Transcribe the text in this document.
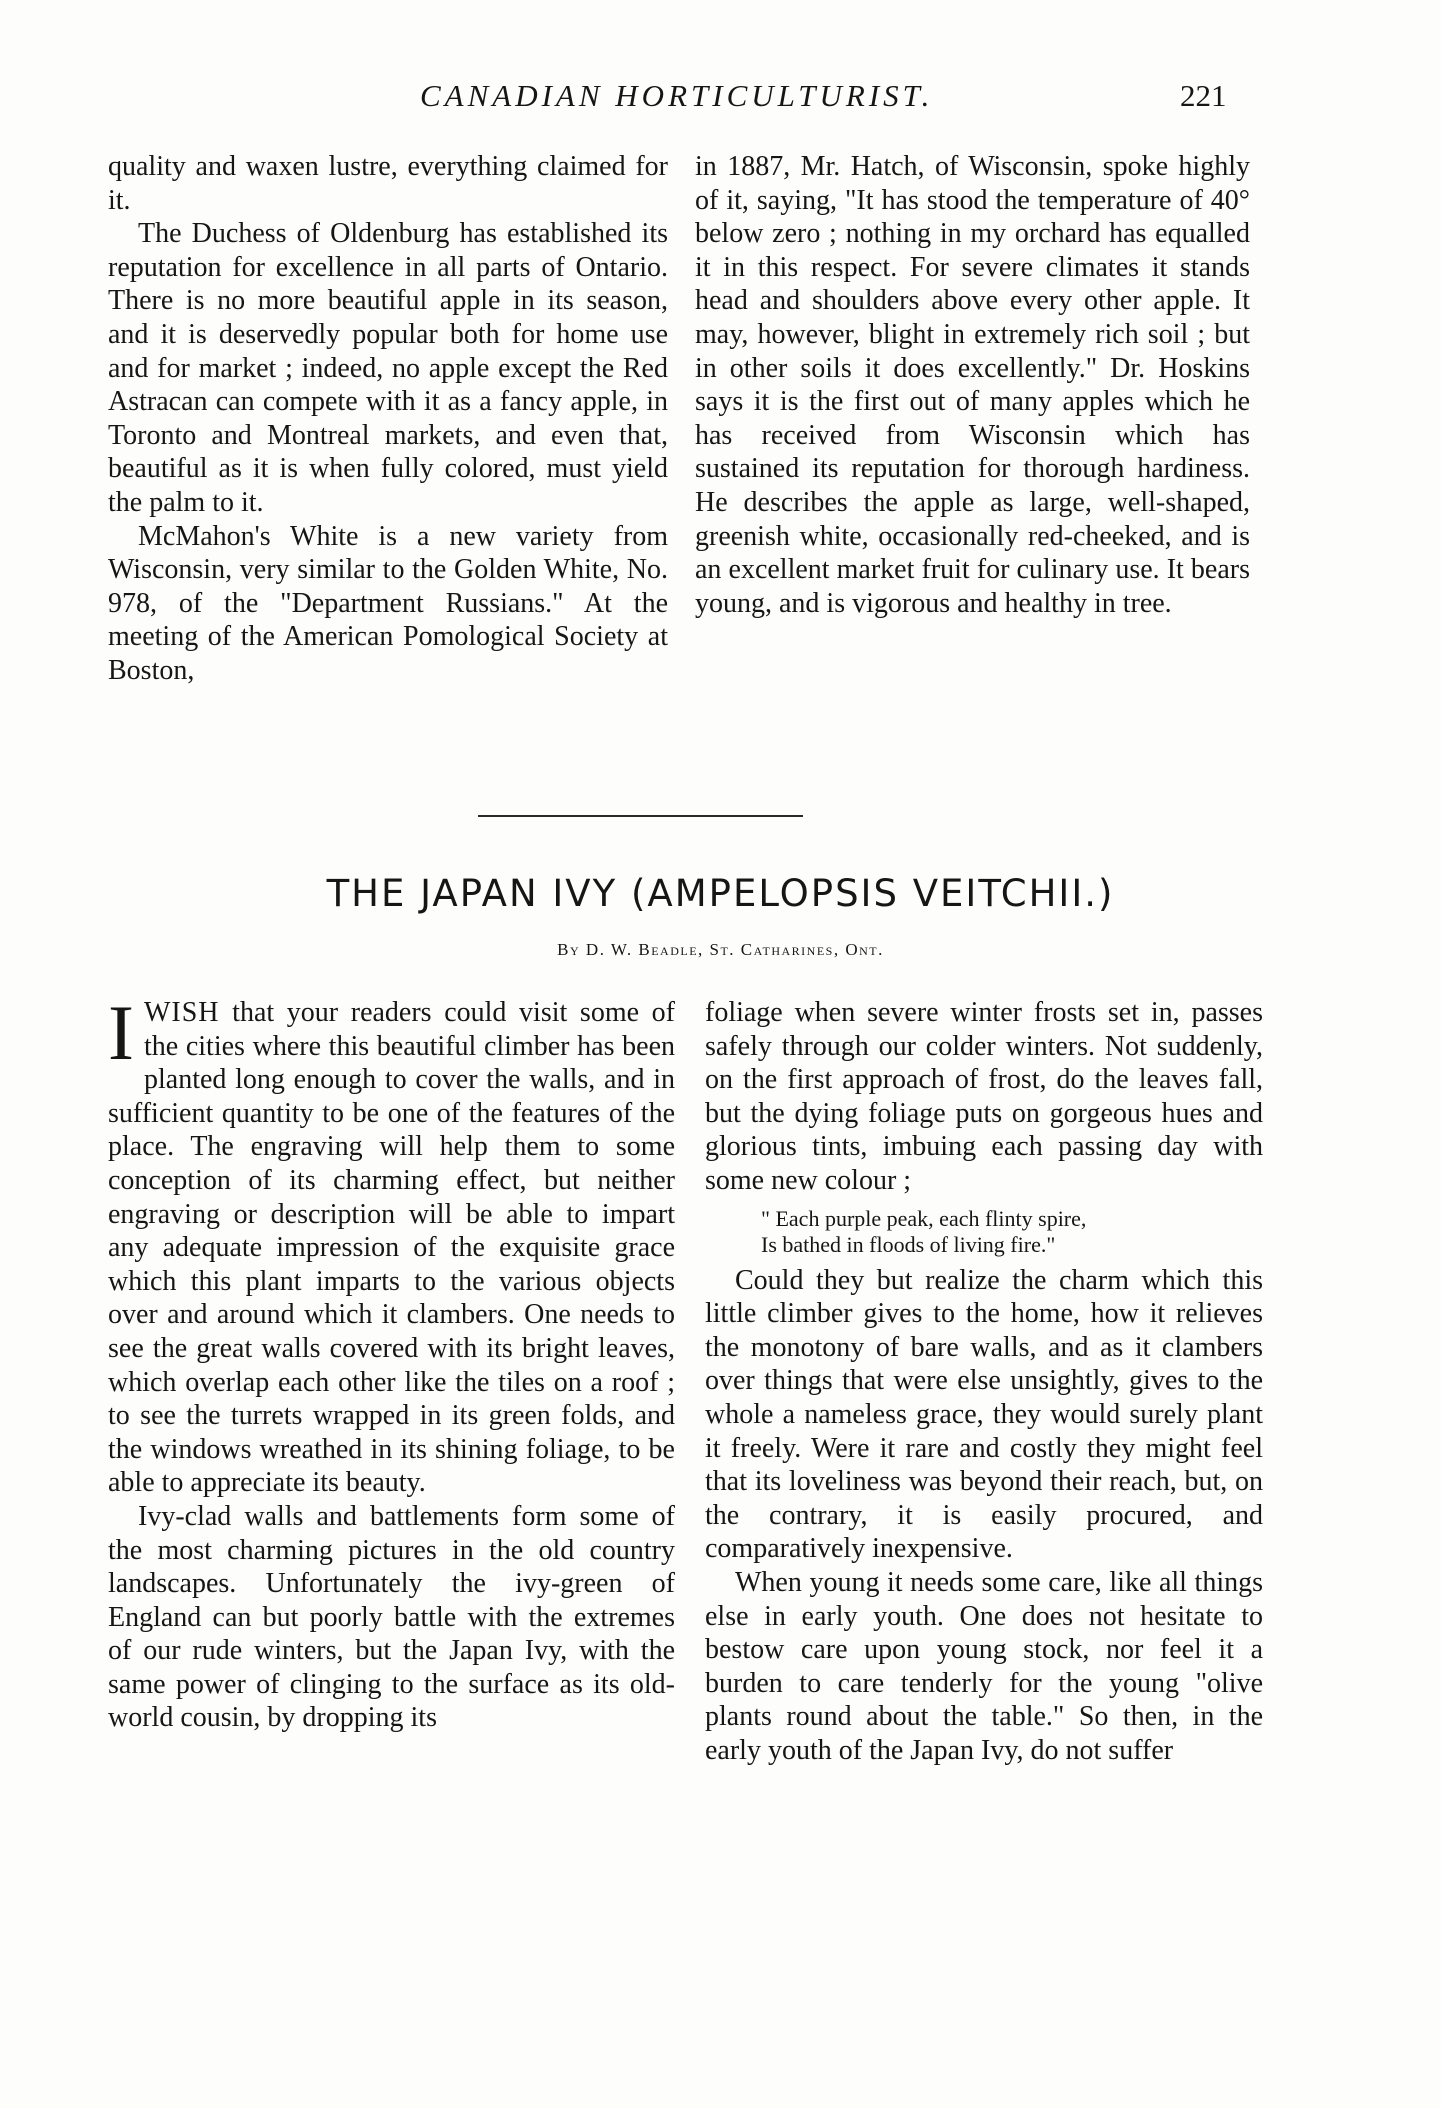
CANADIAN HORTICULTURIST.	221

quality and waxen lustre, everything claimed for it.

The Duchess of Oldenburg has established its reputation for excellence in all parts of Ontario. There is no more beautiful apple in its season, and it is deservedly popular both for home use and for market ; indeed, no apple except the Red Astracan can compete with it as a fancy apple, in Toronto and Montreal markets, and even that, beautiful as it is when fully colored, must yield the palm to it.

McMahon's White is a new variety from Wisconsin, very similar to the Golden White, No. 978, of the "Department Russians." At the meeting of the American Pomological Society at Boston,

in 1887, Mr. Hatch, of Wisconsin, spoke highly of it, saying, "It has stood the temperature of 40° below zero ; nothing in my orchard has equalled it in this respect. For severe climates it stands head and shoulders above every other apple. It may, however, blight in extremely rich soil ; but in other soils it does excellently." Dr. Hoskins says it is the first out of many apples which he has received from Wisconsin which has sustained its reputation for thorough hardiness. He describes the apple as large, well-shaped, greenish white, occasionally red-cheeked, and is an excellent market fruit for culinary use. It bears young, and is vigorous and healthy in tree.

THE JAPAN IVY (AMPELOPSIS VEITCHII.)
By D. W. Beadle, St. Catharines, Ont.

IWISH that your readers could visit some of the cities where this beautiful climber has been planted long enough to cover the walls, and in sufficient quantity to be one of the features of the place. The engraving will help them to some conception of its charming effect, but neither engraving or description will be able to impart any adequate impression of the exquisite grace which this plant imparts to the various objects over and around which it clambers. One needs to see the great walls covered with its bright leaves, which overlap each other like the tiles on a roof ; to see the turrets wrapped in its green folds, and the windows wreathed in its shining foliage, to be able to appreciate its beauty.

Ivy-clad walls and battlements form some of the most charming pictures in the old country landscapes. Unfortunately the ivy-green of England can but poorly battle with the extremes of our rude winters, but the Japan Ivy, with the same power of clinging to the surface as its old-world cousin, by dropping its

foliage when severe winter frosts set in, passes safely through our colder winters. Not suddenly, on the first approach of frost, do the leaves fall, but the dying foliage puts on gorgeous hues and glorious tints, imbuing each passing day with some new colour ;

" Each purple peak, each flinty spire,
Is bathed in floods of living fire."

Could they but realize the charm which this little climber gives to the home, how it relieves the monotony of bare walls, and as it clambers over things that were else unsightly, gives to the whole a nameless grace, they would surely plant it freely. Were it rare and costly they might feel that its loveliness was beyond their reach, but, on the contrary, it is easily procured, and comparatively inexpensive.

When young it needs some care, like all things else in early youth. One does not hesitate to bestow care upon young stock, nor feel it a burden to care tenderly for the young "olive plants round about the table." So then, in the early youth of the Japan Ivy, do not suffer
